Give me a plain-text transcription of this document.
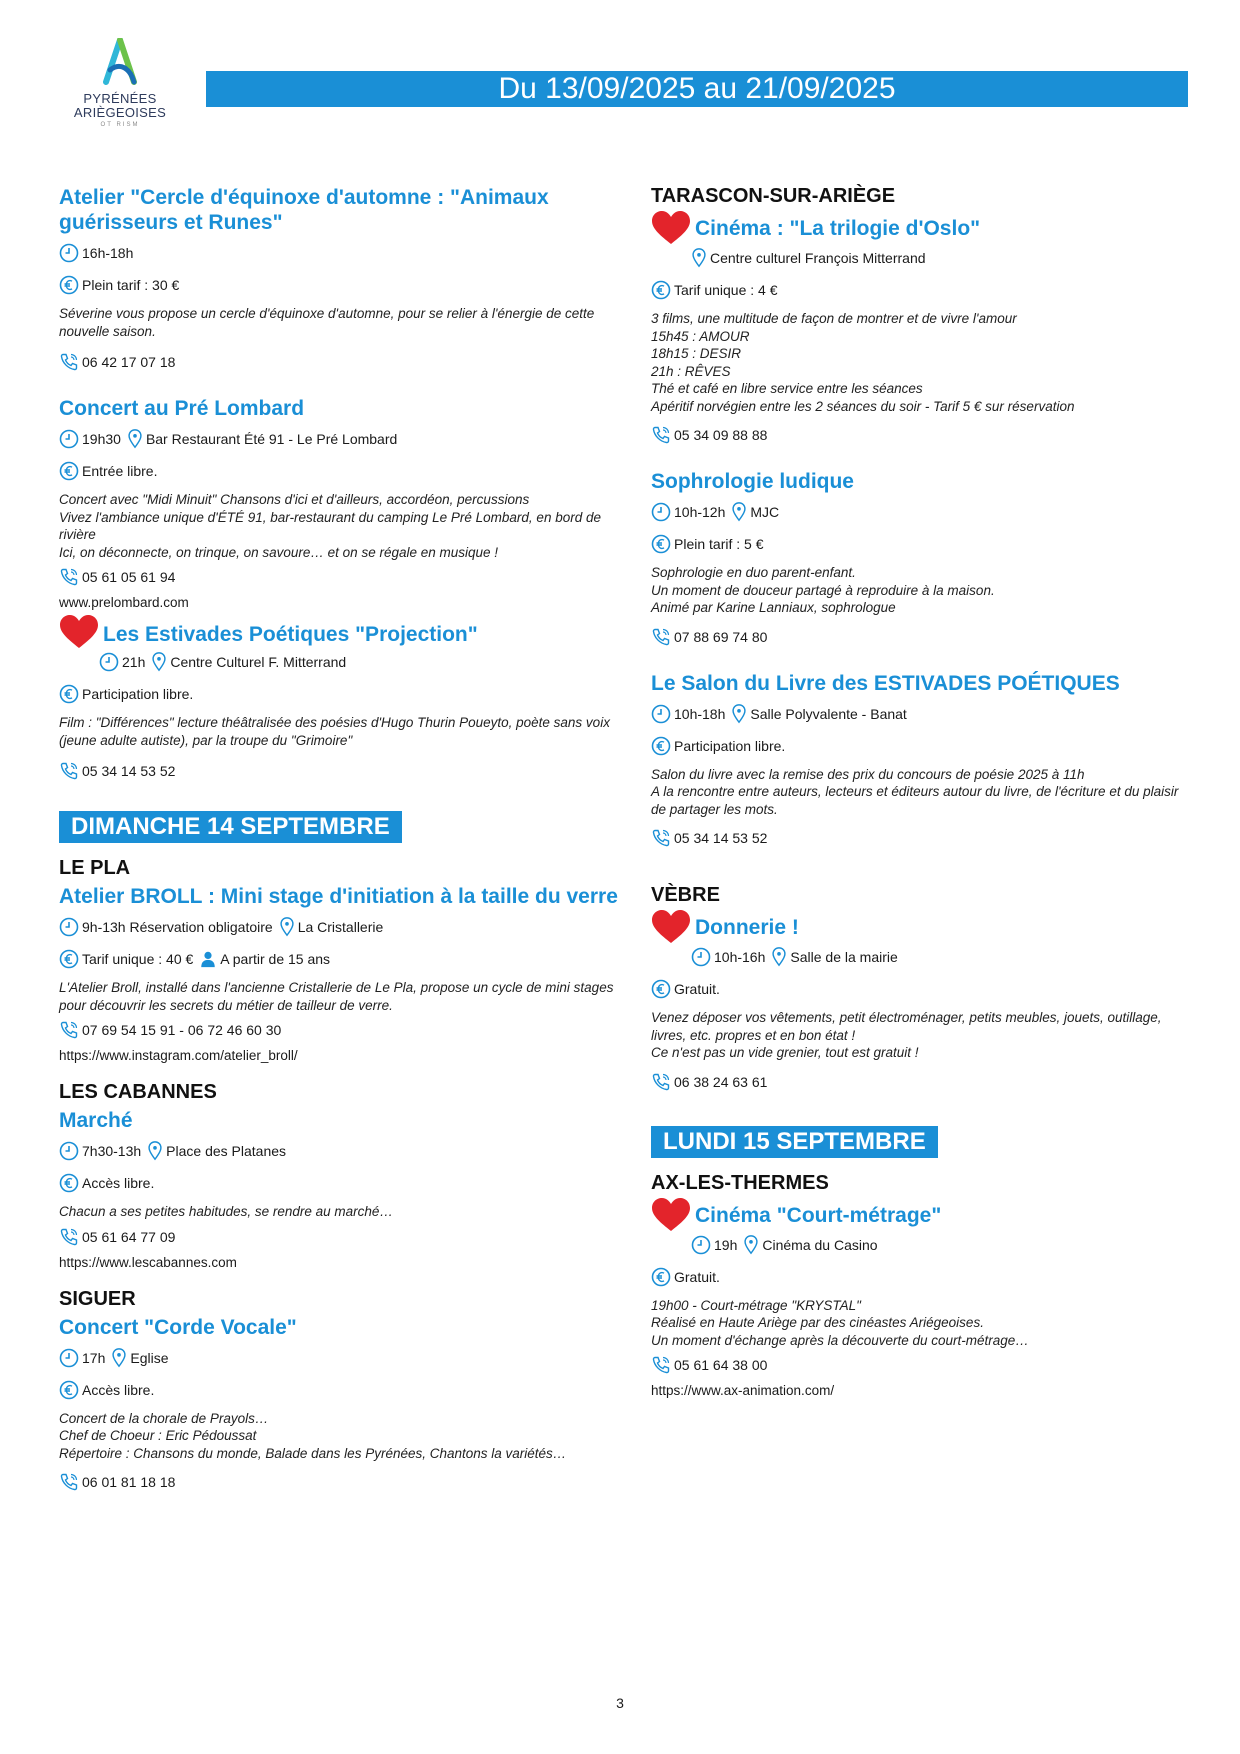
PYRÉNÉES
ARIÈGEOISES
OT RISM
Du 13/09/2025 au 21/09/2025
Atelier "Cercle d'équinoxe d'automne : "Animaux guérisseurs et Runes"
16h-18h
Plein tarif : 30 €
Séverine vous propose un cercle d'équinoxe d'automne, pour se relier à l'énergie de cette nouvelle saison.
06 42 17 07 18
Concert au Pré Lombard
19h30 Bar Restaurant Été 91 - Le Pré Lombard
Entrée libre.
Concert avec "Midi Minuit" Chansons d'ici et d'ailleurs, accordéon, percussions
Vivez l'ambiance unique d'ÉTÉ 91, bar-restaurant du camping Le Pré Lombard, en bord de rivière
Ici, on déconnecte, on trinque, on savoure… et on se régale en musique !
05 61 05 61 94
www.prelombard.com
Les Estivades Poétiques "Projection"
21h Centre Culturel F. Mitterrand
Participation libre.
Film : "Différences" lecture théâtralisée des poésies d'Hugo Thurin Poueyto, poète sans voix (jeune adulte autiste), par la troupe du "Grimoire"
05 34 14 53 52
DIMANCHE 14 SEPTEMBRE
LE PLA
Atelier BROLL : Mini stage d'initiation à la taille du verre
9h-13h Réservation obligatoire La Cristallerie
Tarif unique : 40 € A partir de 15 ans
L'Atelier Broll, installé dans l'ancienne Cristallerie de Le Pla, propose un cycle de mini stages pour découvrir les secrets du métier de tailleur de verre.
07 69 54 15 91 - 06 72 46 60 30
https://www.instagram.com/atelier_broll/
LES CABANNES
Marché
7h30-13h Place des Platanes
Accès libre.
Chacun a ses petites habitudes, se rendre au marché…
05 61 64 77 09
https://www.lescabannes.com
SIGUER
Concert "Corde Vocale"
17h Eglise
Accès libre.
Concert de la chorale de Prayols…
Chef de Choeur : Eric Pédoussat
Répertoire : Chansons du monde, Balade dans les Pyrénées, Chantons la variétés…
06 01 81 18 18
TARASCON-SUR-ARIÈGE
Cinéma : "La trilogie d'Oslo"
Centre culturel François Mitterrand
Tarif unique : 4 €
3 films, une multitude de façon de montrer et de vivre l'amour
15h45 : AMOUR
18h15 : DESIR
21h : RÊVES
Thé et café en libre service entre les séances
Apéritif norvégien entre les 2 séances du soir - Tarif 5 € sur réservation
05 34 09 88 88
Sophrologie ludique
10h-12h MJC
Plein tarif : 5 €
Sophrologie en duo parent-enfant.
Un moment de douceur partagé à reproduire à la maison.
Animé par Karine Lanniaux, sophrologue
07 88 69 74 80
Le Salon du Livre des ESTIVADES POÉTIQUES
10h-18h Salle Polyvalente - Banat
Participation libre.
Salon du livre avec la remise des prix du concours de poésie 2025 à 11h
A la rencontre entre auteurs, lecteurs et éditeurs autour du livre, de l'écriture et du plaisir de partager les mots.
05 34 14 53 52
VÈBRE
Donnerie !
10h-16h Salle de la mairie
Gratuit.
Venez déposer vos vêtements, petit électroménager, petits meubles, jouets, outillage, livres, etc. propres et en bon état !
Ce n'est pas un vide grenier, tout est gratuit !
06 38 24 63 61
LUNDI 15 SEPTEMBRE
AX-LES-THERMES
Cinéma "Court-métrage"
19h Cinéma du Casino
Gratuit.
19h00 - Court-métrage "KRYSTAL"
Réalisé en Haute Ariège par des cinéastes Ariégeoises.
Un moment d'échange après la découverte du court-métrage…
05 61 64 38 00
https://www.ax-animation.com/
3
